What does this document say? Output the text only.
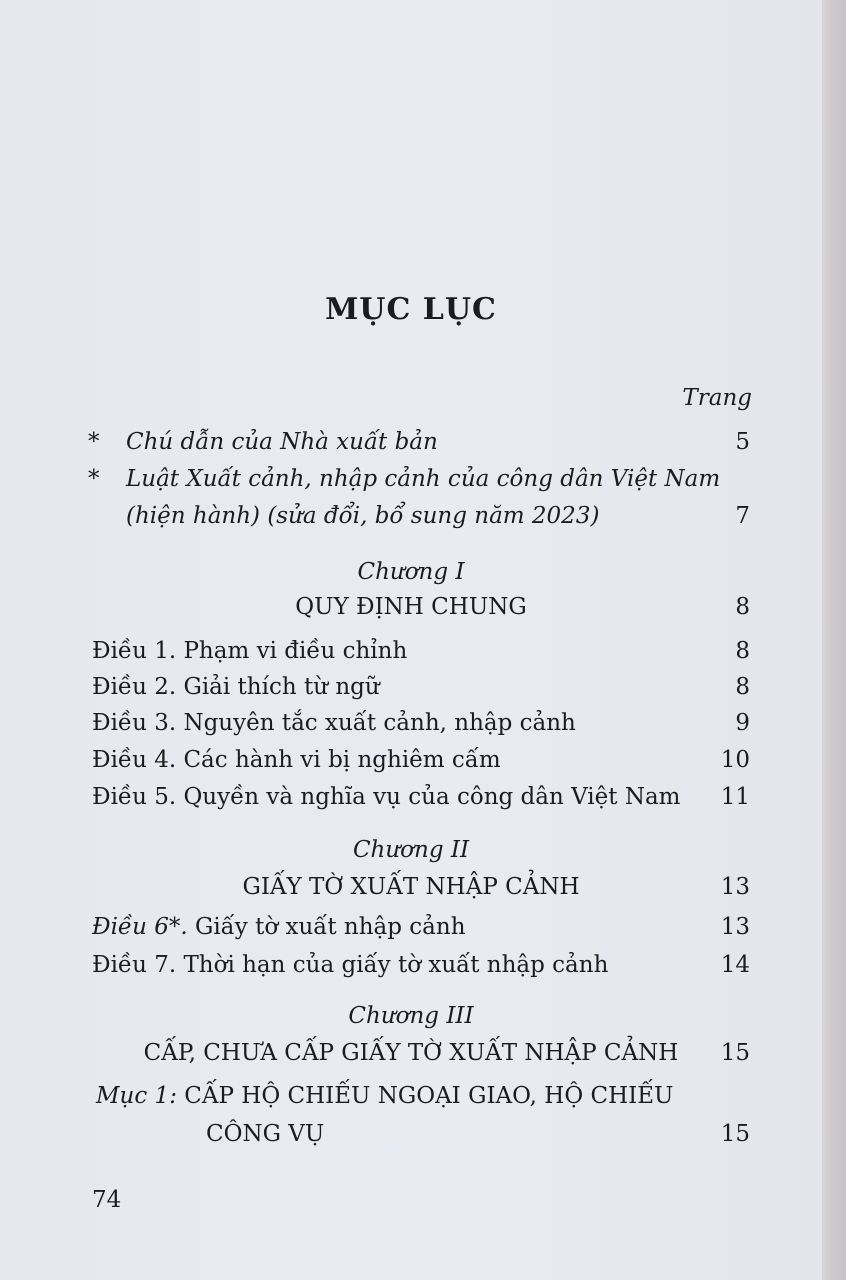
MỤC LỤC
Trang
* Chú dẫn của Nhà xuất bản	5
* Luật Xuất cảnh, nhập cảnh của công dân Việt Nam
(hiện hành) (sửa đổi, bổ sung năm 2023)	7
Chương I
QUY ĐỊNH CHUNG	8
Điều 1. Phạm vi điều chỉnh	8
Điều 2. Giải thích từ ngữ	8
Điều 3. Nguyên tắc xuất cảnh, nhập cảnh	9
Điều 4. Các hành vi bị nghiêm cấm	10
Điều 5. Quyền và nghĩa vụ của công dân Việt Nam 11
Chương II
GIẤY TỜ XUẤT NHẬP CẢNH	13
Điều 6*. Giấy tờ xuất nhập cảnh	13
Điều 7. Thời hạn của giấy tờ xuất nhập cảnh	14
Chương III
CẤP, CHƯA CẤP GIẤY TỜ XUẤT NHẬP CẢNH	15
Mục 1: CẤP HỘ CHIẾU NGOẠI GIAO, HỘ CHIẾU
CÔNG VỤ	15
74
